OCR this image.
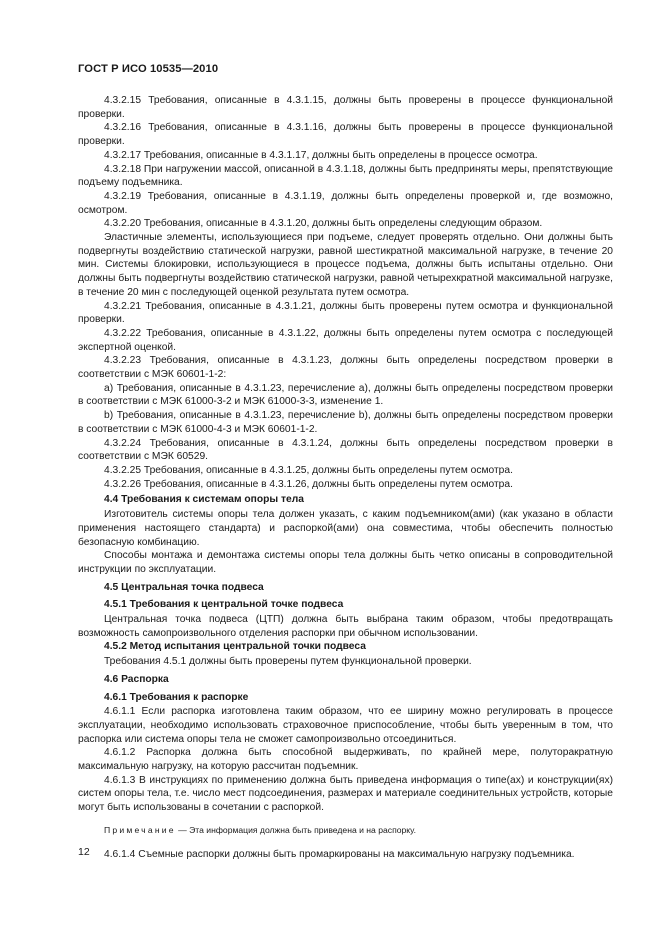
ГОСТ Р ИСО 10535—2010

4.3.2.15 Требования, описанные в 4.3.1.15, должны быть проверены в процессе функциональной проверки.

4.3.2.16 Требования, описанные в 4.3.1.16, должны быть проверены в процессе функциональной проверки.

4.3.2.17 Требования, описанные в 4.3.1.17, должны быть определены в процессе осмотра.

4.3.2.18 При нагружении массой, описанной в 4.3.1.18, должны быть предприняты меры, препятствующие подъему подъемника.

4.3.2.19 Требования, описанные в 4.3.1.19, должны быть определены проверкой и, где возможно, осмотром.

4.3.2.20 Требования, описанные в 4.3.1.20, должны быть определены следующим образом.

Эластичные элементы, использующиеся при подъеме, следует проверять отдельно. Они должны быть подвергнуты воздействию статической нагрузки, равной шестикратной максимальной нагрузке, в течение 20 мин. Системы блокировки, использующиеся в процессе подъема, должны быть испытаны отдельно. Они должны быть подвергнуты воздействию статической нагрузки, равной четырехкратной максимальной нагрузке, в течение 20 мин с последующей оценкой результата путем осмотра.

4.3.2.21 Требования, описанные в 4.3.1.21, должны быть проверены путем осмотра и функциональной проверки.

4.3.2.22 Требования, описанные в 4.3.1.22, должны быть определены путем осмотра с последующей экспертной оценкой.

4.3.2.23 Требования, описанные в 4.3.1.23, должны быть определены посредством проверки в соответствии с МЭК 60601-1-2:

a) Требования, описанные в 4.3.1.23, перечисление a), должны быть определены посредством проверки в соответствии с МЭК 61000-3-2 и МЭК 61000-3-3, изменение 1.

b) Требования, описанные в 4.3.1.23, перечисление b), должны быть определены посредством проверки в соответствии с МЭК 61000-4-3 и МЭК 60601-1-2.

4.3.2.24 Требования, описанные в 4.3.1.24, должны быть определены посредством проверки в соответствии с МЭК 60529.

4.3.2.25 Требования, описанные в 4.3.1.25, должны быть определены путем осмотра.

4.3.2.26 Требования, описанные в 4.3.1.26, должны быть определены путем осмотра.

4.4 Требования к системам опоры тела

Изготовитель системы опоры тела должен указать, с каким подъемником(ами) (как указано в области применения настоящего стандарта) и распоркой(ами) она совместима, чтобы обеспечить полностью безопасную комбинацию.

Способы монтажа и демонтажа системы опоры тела должны быть четко описаны в сопроводительной инструкции по эксплуатации.

4.5 Центральная точка подвеса

4.5.1 Требования к центральной точке подвеса

Центральная точка подвеса (ЦТП) должна быть выбрана таким образом, чтобы предотвращать возможность самопроизвольного отделения распорки при обычном использовании.

4.5.2 Метод испытания центральной точки подвеса

Требования 4.5.1 должны быть проверены путем функциональной проверки.

4.6 Распорка

4.6.1 Требования к распорке

4.6.1.1 Если распорка изготовлена таким образом, что ее ширину можно регулировать в процессе эксплуатации, необходимо использовать страховочное приспособление, чтобы быть уверенным в том, что распорка или система опоры тела не сможет самопроизвольно отсоединиться.

4.6.1.2 Распорка должна быть способной выдерживать, по крайней мере, полуторакратную максимальную нагрузку, на которую рассчитан подъемник.

4.6.1.3 В инструкциях по применению должна быть приведена информация о типе(ах) и конструкции(ях) систем опоры тела, т.е. число мест подсоединения, размерах и материале соединительных устройств, которые могут быть использованы в сочетании с распоркой.

Примечание — Эта информация должна быть приведена и на распорку.

4.6.1.4 Съемные распорки должны быть промаркированы на максимальную нагрузку подъемника.

12
